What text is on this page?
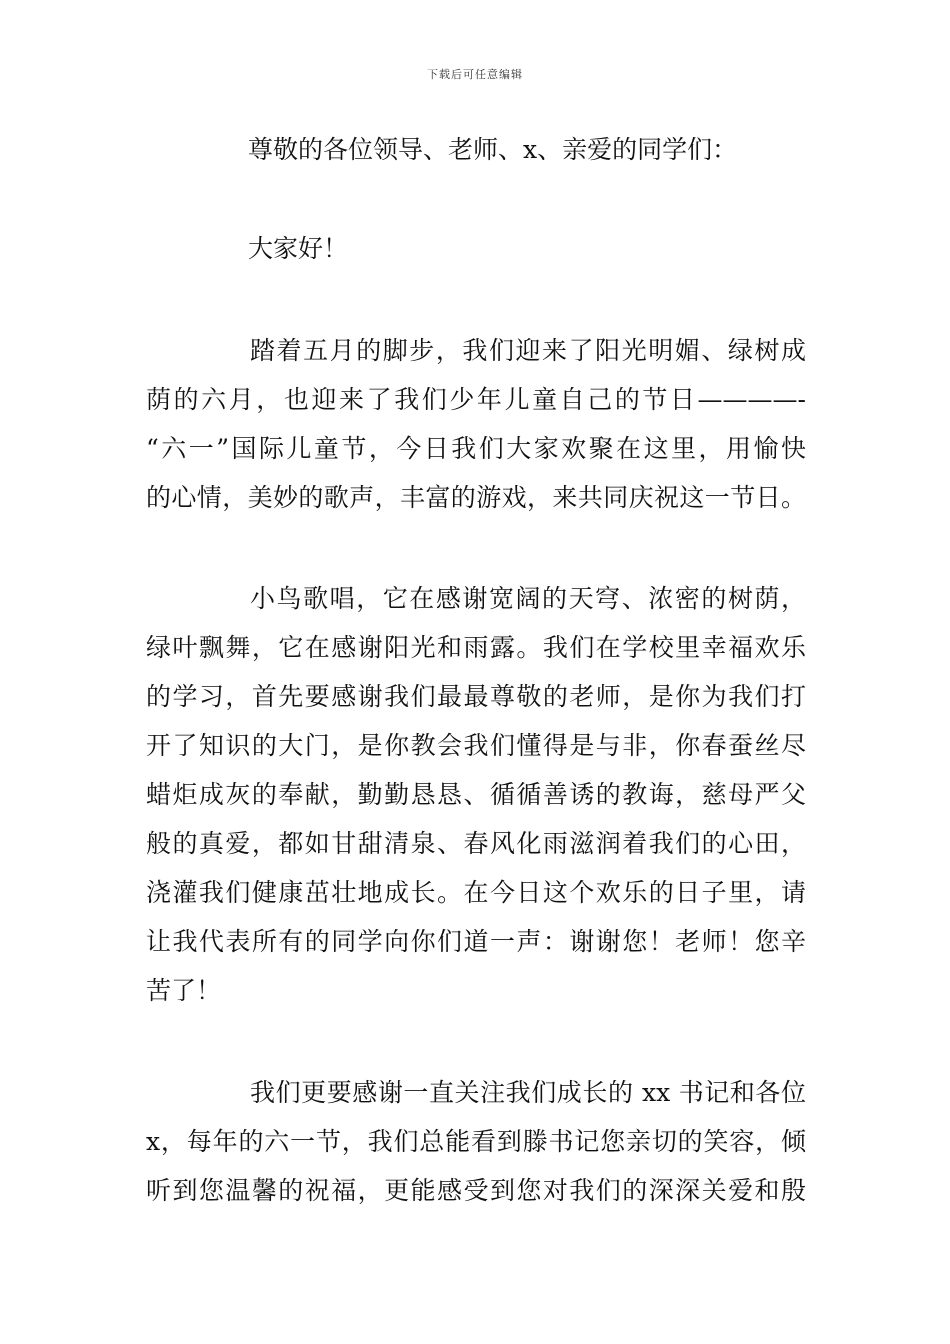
下载后可任意编辑
尊敬的各位领导、老师、x、亲爱的同学们：
大家好！
踏着五月的脚步，我们迎来了阳光明媚、绿树成
荫的六月，也迎来了我们少年儿童自己的节日————-
“六一”国际儿童节，今日我们大家欢聚在这里，用愉快
的心情，美妙的歌声，丰富的游戏，来共同庆祝这一节日。
小鸟歌唱，它在感谢宽阔的天穹、浓密的树荫，
绿叶飘舞，它在感谢阳光和雨露。我们在学校里幸福欢乐
的学习，首先要感谢我们最最尊敬的老师，是你为我们打
开了知识的大门，是你教会我们懂得是与非，你春蚕丝尽
蜡炬成灰的奉献，勤勤恳恳、循循善诱的教诲，慈母严父
般的真爱，都如甘甜清泉、春风化雨滋润着我们的心田，
浇灌我们健康茁壮地成长。在今日这个欢乐的日子里，请
让我代表所有的同学向你们道一声：谢谢您！老师！您辛
苦了！
我们更要感谢一直关注我们成长的 xx 书记和各位
x，每年的六一节，我们总能看到滕书记您亲切的笑容，倾
听到您温馨的祝福，更能感受到您对我们的深深关爱和殷
